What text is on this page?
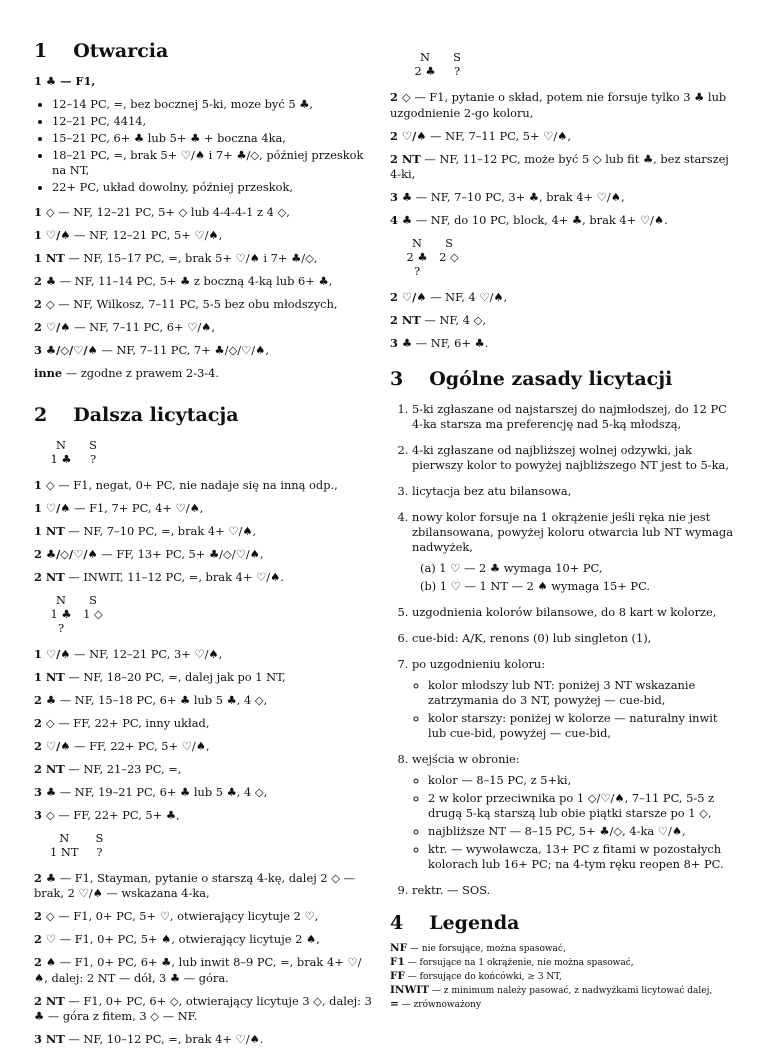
1 Otwarcia

1 ♣ — F1,

• 12–14 PC, =, bez bocznej 5-ki, moze być 5 ♣,
• 12–21 PC, 4414,
• 15–21 PC, 6+ ♣ lub 5+ ♣ + boczna 4ka,
• 18–21 PC, =, brak 5+ ♡/♠ i 7+ ♣/◇, później przeskok na NT,
• 22+ PC, układ dowolny, później przeskok,

1 ◇ — NF, 12–21 PC, 5+ ◇ lub 4-4-4-1 z 4 ◇,

1 ♡/♠ — NF, 12–21 PC, 5+ ♡/♠,

1 NT — NF, 15–17 PC, =, brak 5+ ♡/♠ i 7+ ♣/◇,

2 ♣ — NF, 11–14 PC, 5+ ♣ z boczną 4-ką lub 6+ ♣,

2 ◇ — NF, Wilkosz, 7–11 PC, 5-5 bez obu młodszych,

2 ♡/♠ — NF, 7–11 PC, 6+ ♡/♠,

3 ♣/◇/♡/♠ — NF, 7–11 PC, 7+ ♣/◇/♡/♠,

inne — zgodne z prawem 2-3-4.

2 Dalsza licytacja
N	S
1 ♣	?

1 ◇ — F1, negat, 0+ PC, nie nadaje się na inną odp.,

1 ♡/♠ — F1, 7+ PC, 4+ ♡/♠,

1 NT — NF, 7–10 PC, =, brak 4+ ♡/♠,

2 ♣/◇/♡/♠ — FF, 13+ PC, 5+ ♣/◇/♡/♠,

2 NT — INWIT, 11–12 PC, =, brak 4+ ♡/♠.

N	S
1 ♣	1 ◇
?	

1 ♡/♠ — NF, 12–21 PC, 3+ ♡/♠,

1 NT — NF, 18–20 PC, =, dalej jak po 1 NT,

2 ♣ — NF, 15–18 PC, 6+ ♣ lub 5 ♣, 4 ◇,

2 ◇ — FF, 22+ PC, inny układ,

2 ♡/♠ — FF, 22+ PC, 5+ ♡/♠,

2 NT — NF, 21–23 PC, =,

3 ♣ — NF, 19–21 PC, 6+ ♣ lub 5 ♣, 4 ◇,

3 ◇ — FF, 22+ PC, 5+ ♣,

N	S
1 NT	?

2 ♣ — F1, Stayman, pytanie o starszą 4-kę, dalej 2 ◇ — brak, 2 ♡/♠ — wskazana 4-ka,

2 ◇ — F1, 0+ PC, 5+ ♡, otwierający licytuje 2 ♡,

2 ♡ — F1, 0+ PC, 5+ ♠, otwierający licytuje 2 ♠,

2 ♠ — F1, 0+ PC, 6+ ♣, lub inwit 8–9 PC, =, brak 4+ ♡/♠, dalej: 2 NT — dół, 3 ♣ — góra.

2 NT — F1, 0+ PC, 6+ ◇, otwierający licytuje 3 ◇, dalej: 3 ♣ — góra z fitem, 3 ◇ — NF.

3 NT — NF, 10–12 PC, =, brak 4+ ♡/♠.

N	S
2 ♣	?

2 ◇ — F1, pytanie o skład, potem nie forsuje tylko 3 ♣ lub uzgodnienie 2-go koloru,

2 ♡/♠ — NF, 7–11 PC, 5+ ♡/♠,

2 NT — NF, 11–12 PC, może być 5 ◇ lub fit ♣, bez starszej 4-ki,

3 ♣ — NF, 7–10 PC, 3+ ♣, brak 4+ ♡/♠,

4 ♣ — NF, do 10 PC, block, 4+ ♣, brak 4+ ♡/♠.

N	S
2 ♣	2 ◇
?	

2 ♡/♠ — NF, 4 ♡/♠,

2 NT — NF, 4 ◇,

3 ♣ — NF, 6+ ♣.

3 Ogólne zasady licytacji
1. 5-ki zgłaszane od najstarszej do najmłodszej, do 12 PC 4-ka starsza ma preferencję nad 5-ką młodszą,
2. 4-ki zgłaszane od najbliższej wolnej odzywki, jak pierwszy kolor to powyżej najbliższego NT jest to 5-ka,
3. licytacja bez atu bilansowa,
4. nowy kolor forsuje na 1 okrążenie jeśli ręka nie jest zbilansowana, powyżej koloru otwarcia lub NT wymaga nadwyżek,
(a) 1 ♡ — 2 ♣ wymaga 10+ PC,
(b) 1 ♡ — 1 NT — 2 ♠ wymaga 15+ PC.
5. uzgodnienia kolorów bilansowe, do 8 kart w kolorze,
6. cue-bid: A/K, renons (0) lub singleton (1),
7. po uzgodnieniu koloru:
◦ kolor młodszy lub NT: poniżej 3 NT wskazanie zatrzymania do 3 NT, powyżej — cue-bid,
◦ kolor starszy: poniżej w kolorze — naturalny inwit lub cue-bid, powyżej — cue-bid,
8. wejścia w obronie:
◦ kolor — 8–15 PC, z 5+ki,
◦ 2 w kolor przeciwnika po 1 ◇/♡/♠, 7–11 PC, 5-5 z drugą 5-ką starszą lub obie piątki starsze po 1 ◇,
◦ najbliższe NT — 8–15 PC, 5+ ♣/◇, 4-ka ♡/♠,
◦ ktr. — wywoławcza, 13+ PC z fitami w pozostałych kolorach lub 16+ PC; na 4-tym ręku reopen 8+ PC.
9. rektr. — SOS.
4 Legenda

NF — nie forsujące, można spasować,

F1 — forsujące na 1 okrążenie, nie można spasować,

FF — forsujące do końcówki, ≥ 3 NT,

INWIT — z minimum należy pasować, z nadwyżkami licytować dalej,

= — zrównoważony
